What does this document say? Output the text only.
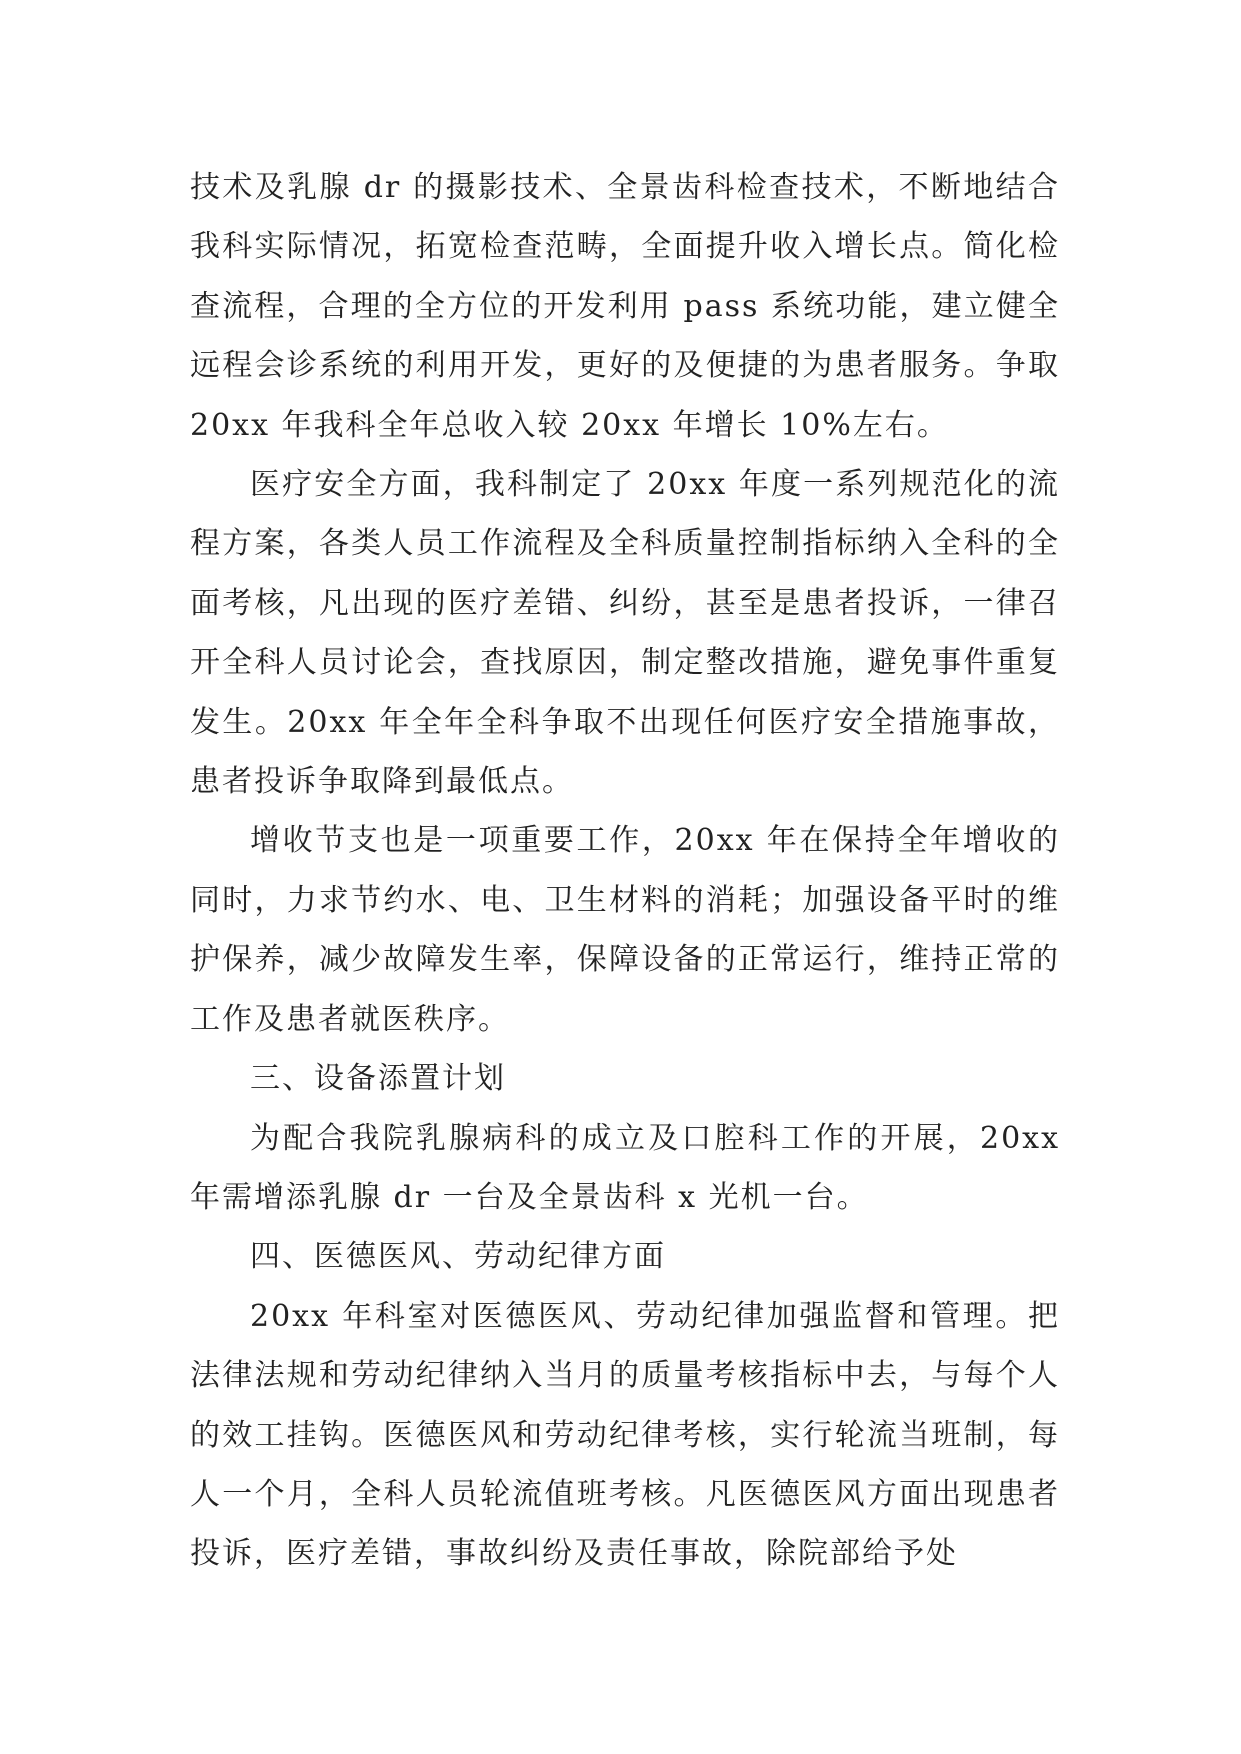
技术及乳腺 dr 的摄影技术、全景齿科检查技术，不断地结合我科实际情况，拓宽检查范畴，全面提升收入增长点。简化检查流程，合理的全方位的开发利用 pass 系统功能，建立健全远程会诊系统的利用开发，更好的及便捷的为患者服务。争取 20xx 年我科全年总收入较 20xx 年增长 10%左右。

医疗安全方面，我科制定了 20xx 年度一系列规范化的流程方案，各类人员工作流程及全科质量控制指标纳入全科的全面考核，凡出现的医疗差错、纠纷，甚至是患者投诉，一律召开全科人员讨论会，查找原因，制定整改措施，避免事件重复发生。20xx 年全年全科争取不出现任何医疗安全措施事故，患者投诉争取降到最低点。

增收节支也是一项重要工作，20xx 年在保持全年增收的同时，力求节约水、电、卫生材料的消耗；加强设备平时的维护保养，减少故障发生率，保障设备的正常运行，维持正常的工作及患者就医秩序。

三、设备添置计划

为配合我院乳腺病科的成立及口腔科工作的开展，20xx 年需增添乳腺 dr 一台及全景齿科 x 光机一台。

四、医德医风、劳动纪律方面

20xx 年科室对医德医风、劳动纪律加强监督和管理。把法律法规和劳动纪律纳入当月的质量考核指标中去，与每个人的效工挂钩。医德医风和劳动纪律考核，实行轮流当班制，每人一个月，全科人员轮流值班考核。凡医德医风方面出现患者投诉，医疗差错，事故纠纷及责任事故，除院部给予处
